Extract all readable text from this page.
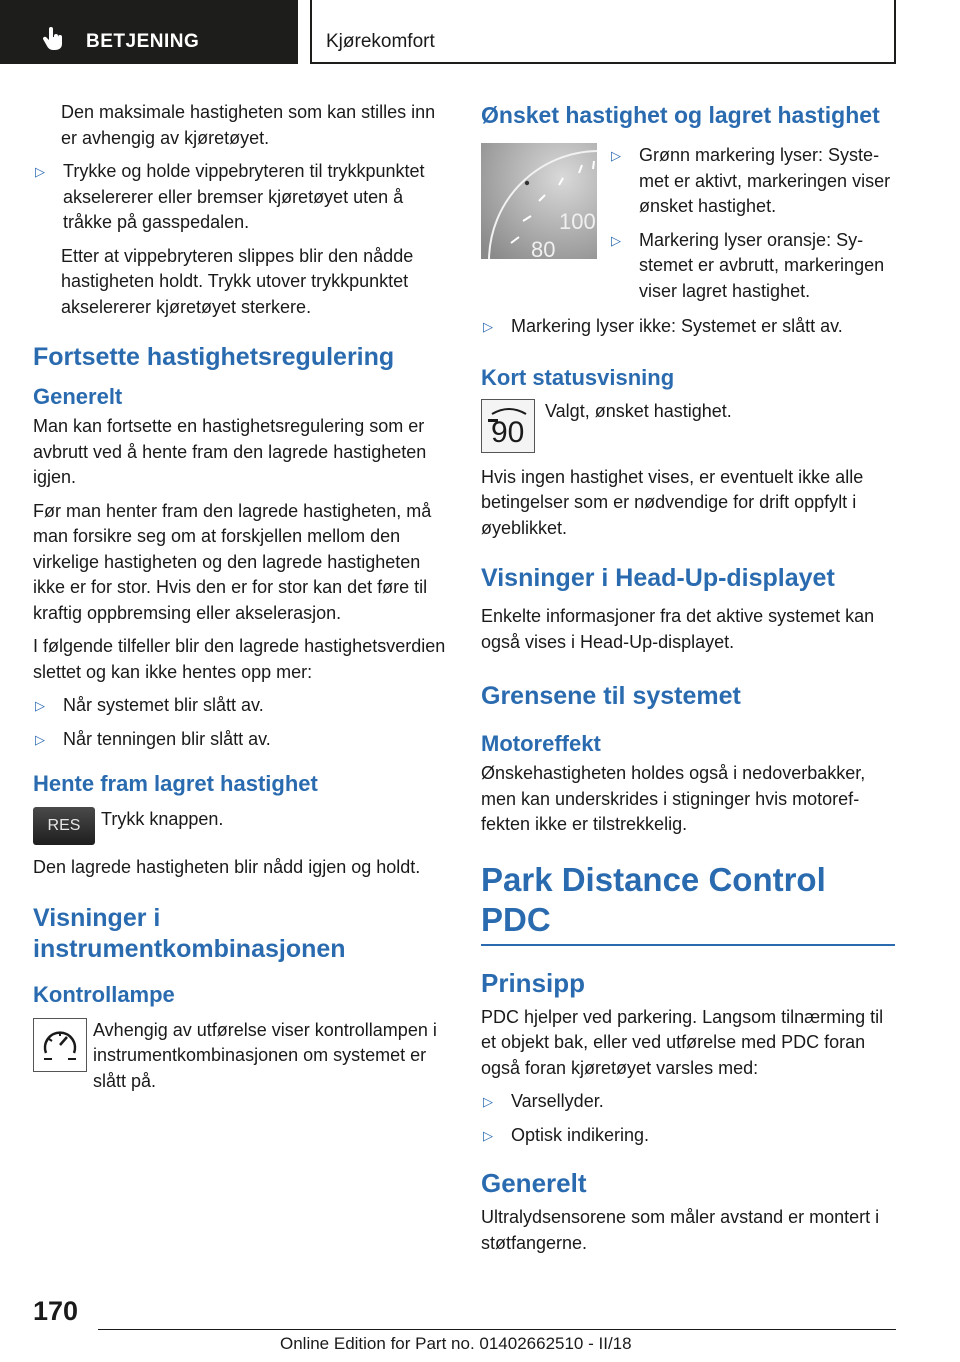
BETJENING	Kjørekomfort

Den maksimale hastigheten som kan stilles inn er avhengig av kjøretøyet.

▷	Trykke og holde vippebryteren til trykkpunktet akselererer eller bremser kjøretøyet uten å tråkke på gasspedalen.

Etter at vippebryteren slippes blir den nådde hastigheten holdt. Trykk utover trykkpunktet akselererer kjøretøyet sterkere.

Fortsette hastighetsregulering
Generelt

Man kan fortsette en hastighetsregulering som er avbrutt ved å hente fram den lagrede hastigheten igjen.

Før man henter fram den lagrede hastigheten, må man forsikre seg om at forskjellen mellom den virkelige hastigheten og den lagrede hastigheten ikke er for stor. Hvis den er for stor kan det føre til kraftig oppbremsing eller akselerasjon.

I følgende tilfeller blir den lagrede hastighetsverdien slettet og kan ikke hentes opp mer:

▷	Når systemet blir slått av.

▷	Når tenningen blir slått av.

Hente fram lagret hastighet
RES	Trykk knappen.

Den lagrede hastigheten blir nådd igjen og holdt.

Visninger i instrumentkombinasjonen
Kontrollampe

Avhengig av utførelse viser kontrollampen i instrumentkombinasjonen om systemet er slått på.

Ønsket hastighet og lagret hastighet
100
80
▷	Grønn markering lyser: Systemet er aktivt, markeringen viser ønsket hastighet.

▷	Markering lyser oransje: Systemet er avbrutt, markeringen viser lagret hastighet.

▷	Markering lyser ikke: Systemet er slått av.

Kort statusvisning
90

Valgt, ønsket hastighet.

Hvis ingen hastighet vises, er eventuelt ikke alle betingelser som er nødvendige for drift oppfylt i øyeblikket.

Visninger i Head-Up-displayet

Enkelte informasjoner fra det aktive systemet kan også vises i Head-Up-displayet.

Grensene til systemet
Motoreffekt

Ønskehastigheten holdes også i nedoverbakker, men kan underskrides i stigninger hvis motoreffekten ikke er tilstrekkelig.

Park Distance Control PDC
Prinsipp

PDC hjelper ved parkering. Langsom tilnærming til et objekt bak, eller ved utførelse med PDC foran også foran kjøretøyet varsles med:

▷	Varsellyder.

▷	Optisk indikering.

Generelt

Ultralydsensorene som måler avstand er montert i støtfangerne.

170
Online Edition for Part no. 01402662510 - II/18
